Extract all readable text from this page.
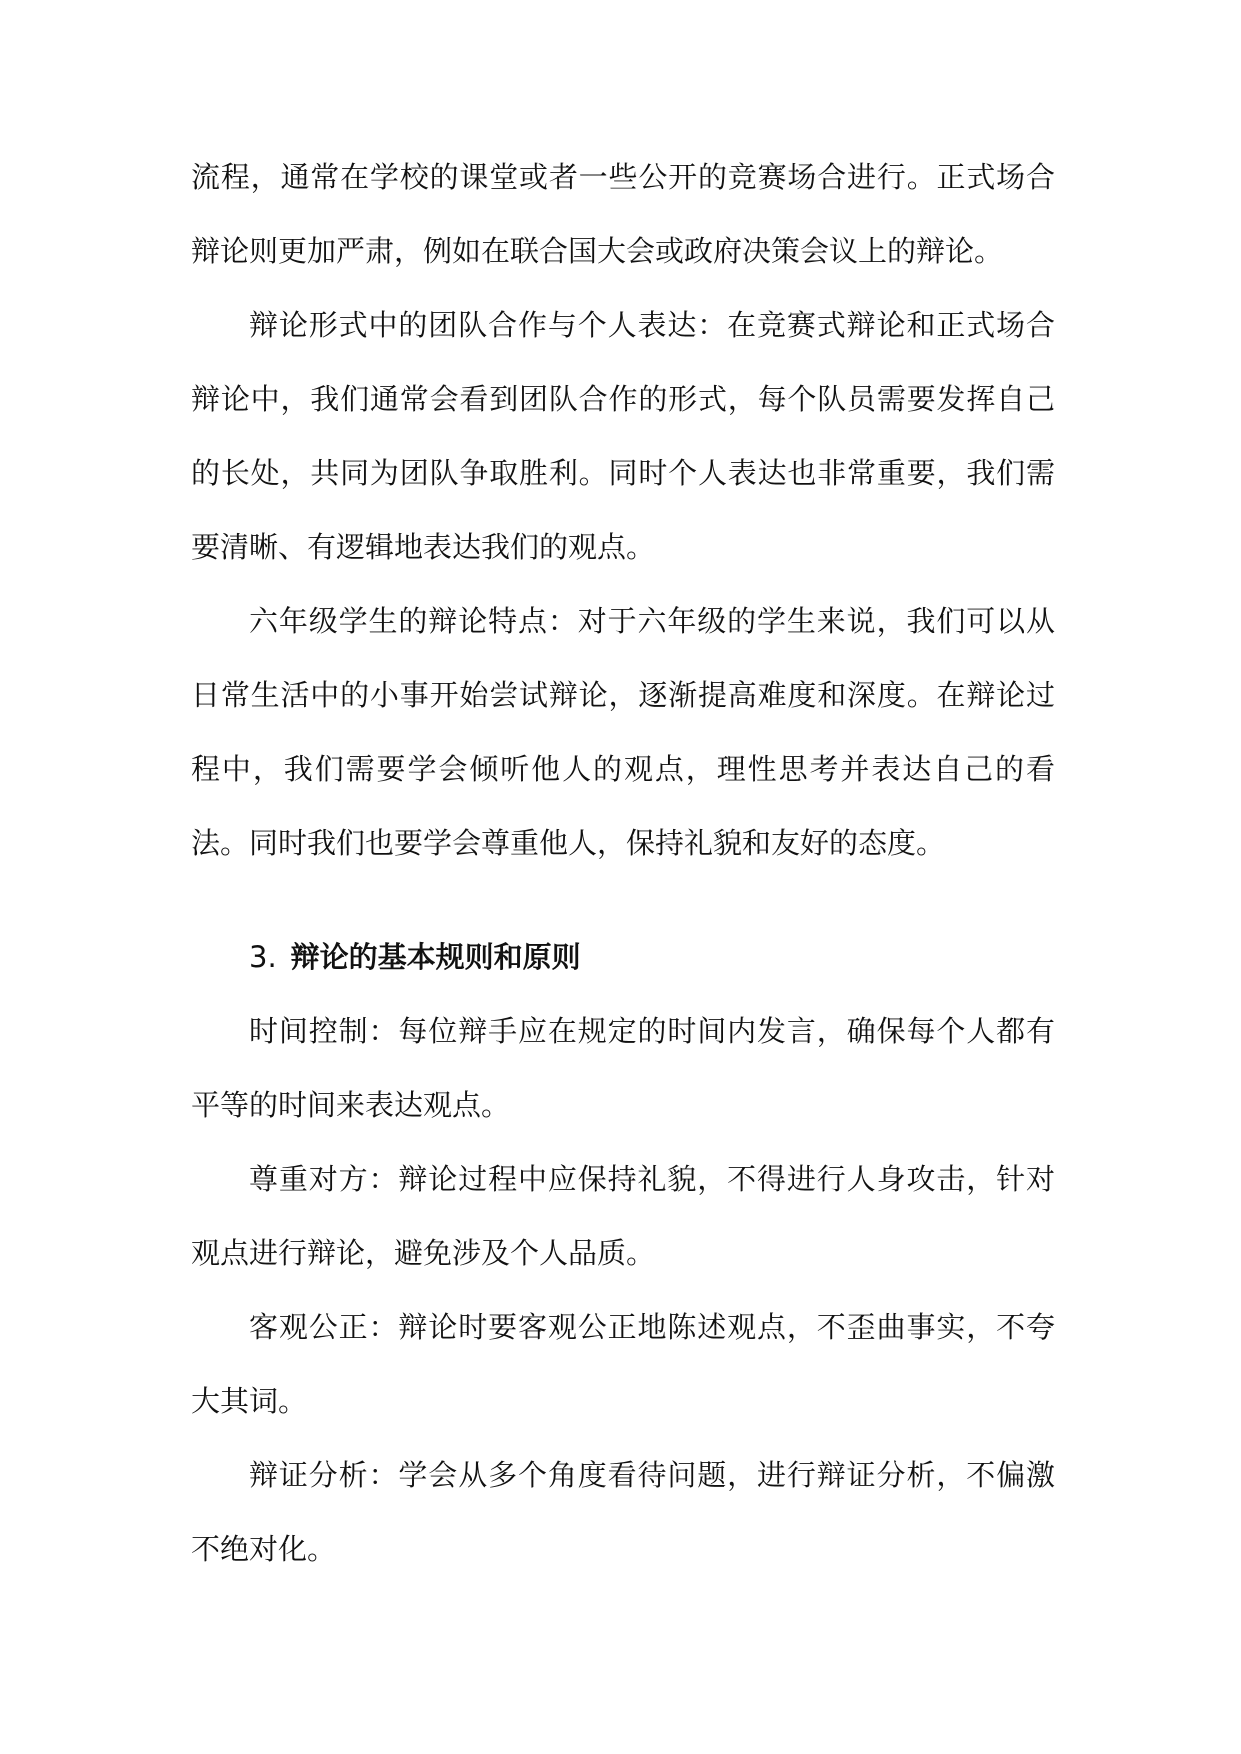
流程，通常在学校的课堂或者一些公开的竞赛场合进行。正式场合辩论则更加严肃，例如在联合国大会或政府决策会议上的辩论。

辩论形式中的团队合作与个人表达：在竞赛式辩论和正式场合辩论中，我们通常会看到团队合作的形式，每个队员需要发挥自己的长处，共同为团队争取胜利。同时个人表达也非常重要，我们需要清晰、有逻辑地表达我们的观点。

六年级学生的辩论特点：对于六年级的学生来说，我们可以从日常生活中的小事开始尝试辩论，逐渐提高难度和深度。在辩论过程中，我们需要学会倾听他人的观点，理性思考并表达自己的看法。同时我们也要学会尊重他人，保持礼貌和友好的态度。

3. 辩论的基本规则和原则

时间控制：每位辩手应在规定的时间内发言，确保每个人都有平等的时间来表达观点。

尊重对方：辩论过程中应保持礼貌，不得进行人身攻击，针对观点进行辩论，避免涉及个人品质。

客观公正：辩论时要客观公正地陈述观点，不歪曲事实，不夸大其词。

辩证分析：学会从多个角度看待问题，进行辩证分析，不偏激不绝对化。
